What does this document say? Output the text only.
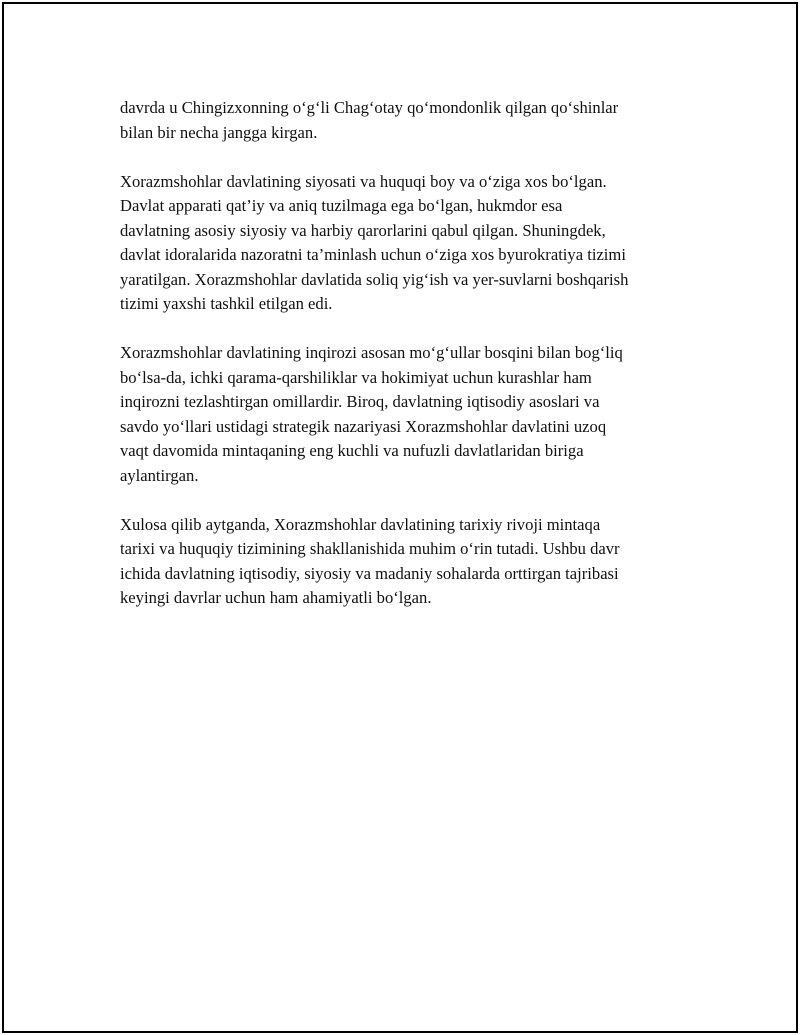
davrda u Chingizxonning o‘g‘li Chag‘otay qo‘mondonlik qilgan qo‘shinlar
bilan bir necha jangga kirgan.

Xorazmshohlar davlatining siyosati va huquqi boy va o‘ziga xos bo‘lgan.
Davlat apparati qat’iy va aniq tuzilmaga ega bo‘lgan, hukmdor esa
davlatning asosiy siyosiy va harbiy qarorlarini qabul qilgan. Shuningdek,
davlat idoralarida nazoratni ta’minlash uchun o‘ziga xos byurokratiya tizimi
yaratilgan. Xorazmshohlar davlatida soliq yig‘ish va yer-suvlarni boshqarish
tizimi yaxshi tashkil etilgan edi.

Xorazmshohlar davlatining inqirozi asosan mo‘g‘ullar bosqini bilan bog‘liq
bo‘lsa-da, ichki qarama-qarshiliklar va hokimiyat uchun kurashlar ham
inqirozni tezlashtirgan omillardir. Biroq, davlatning iqtisodiy asoslari va
savdo yo‘llari ustidagi strategik nazariyasi Xorazmshohlar davlatini uzoq
vaqt davomida mintaqaning eng kuchli va nufuzli davlatlaridan biriga
aylantirgan.

Xulosa qilib aytganda, Xorazmshohlar davlatining tarixiy rivoji mintaqa
tarixi va huquqiy tizimining shakllanishida muhim o‘rin tutadi. Ushbu davr
ichida davlatning iqtisodiy, siyosiy va madaniy sohalarda orttirgan tajribasi
keyingi davrlar uchun ham ahamiyatli bo‘lgan.
